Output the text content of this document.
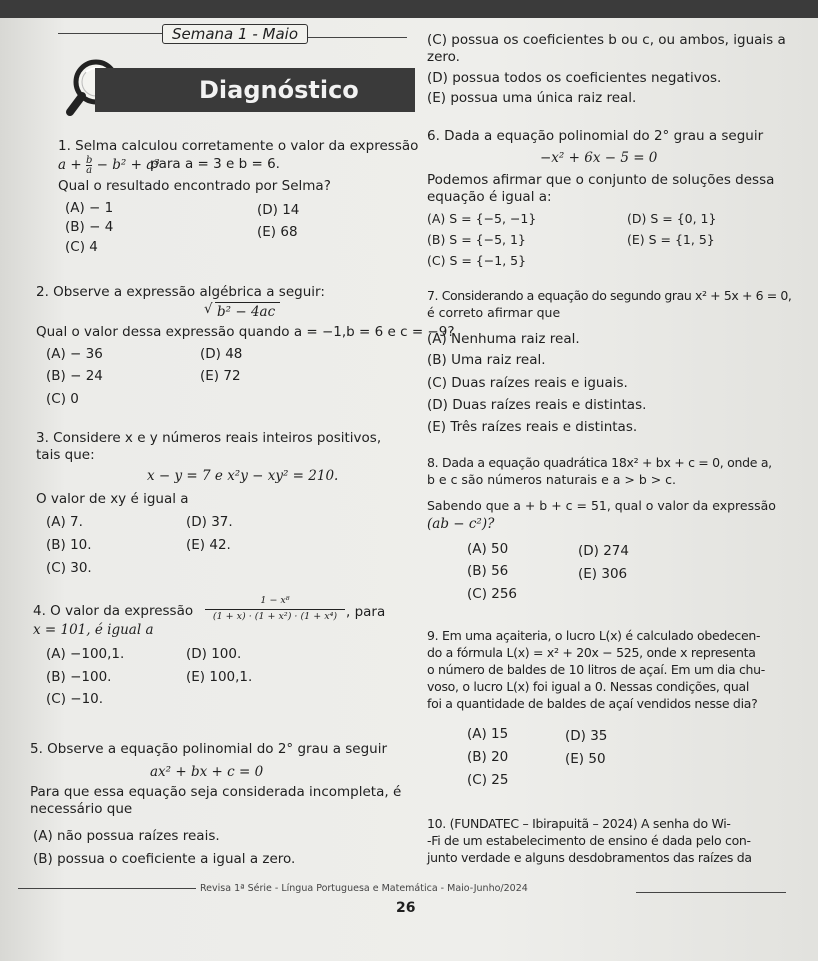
Semana 1 - Maio
Diagnóstico
1. Selma calculou corretamente o valor da expressão
$a + \frac{b}{a} - b^2 + a^3$
para a = 3 e b = 6.
Qual o resultado encontrado por Selma?
(A) − 1
(B) − 4
(C) 4
(D) 14
(E) 68
2. Observe a expressão algébrica a seguir:
√ b² − 4ac
Qual o valor dessa expressão quando a = −1,b = 6 e c = −9?
(A) − 36
(B) − 24
(C) 0
(D) 48
(E) 72
3. Considere x e y números reais inteiros positivos,
tais que:
x − y = 7 e x²y − xy² = 210.
O valor de xy é igual a
(A) 7.
(B) 10.
(C) 30.
(D) 37.
(E) 42.
4. O valor da expressão
1 − x⁸
(1 + x) · (1 + x²) · (1 + x⁴) , para
x = 101, é igual a
(A) −100,1.
(B) −100.
(C) −10.
(D) 100.
(E) 100,1.
5. Observe a equação polinomial do 2° grau a seguir
ax² + bx + c = 0
Para que essa equação seja considerada incompleta, é
necessário que
(A) não possua raízes reais.
(B) possua o coeficiente a igual a zero.
(C) possua os coeficientes b ou c, ou ambos, iguais a
zero.
(D) possua todos os coeficientes negativos.
(E) possua uma única raiz real.
6. Dada a equação polinomial do 2° grau a seguir
−x² + 6x − 5 = 0
Podemos afirmar que o conjunto de soluções dessa
equação é igual a:
(A) S = {−5, −1}
(B) S = {−5, 1}
(C) S = {−1, 5}
(D) S = {0, 1}
(E) S = {1, 5}
7. Considerando a equação do segundo grau x² + 5x + 6 = 0,
é correto afirmar que
(A) Nenhuma raiz real.
(B) Uma raiz real.
(C) Duas raízes reais e iguais.
(D) Duas raízes reais e distintas.
(E) Três raízes reais e distintas.
8. Dada a equação quadrática 18x² + bx + c = 0, onde a,
b e c são números naturais e a > b > c.
Sabendo que a + b + c = 51, qual o valor da expressão
(ab − c²)?
(A) 50
(B) 56
(C) 256
(D) 274
(E) 306
9. Em uma açaiteria, o lucro L(x) é calculado obedecen-
do a fórmula L(x) = x² + 20x − 525, onde x representa
o número de baldes de 10 litros de açaí. Em um dia chu-
voso, o lucro L(x) foi igual a 0. Nessas condições, qual
foi a quantidade de baldes de açaí vendidos nesse dia?
(A) 15
(B) 20
(C) 25
(D) 35
(E) 50
10. (FUNDATEC – Ibirapuitã – 2024) A senha do Wi-
-Fi de um estabelecimento de ensino é dada pelo con-
junto verdade e alguns desdobramentos das raízes da
Revisa 1ª Série - Língua Portuguesa e Matemática - Maio-Junho/2024
26
